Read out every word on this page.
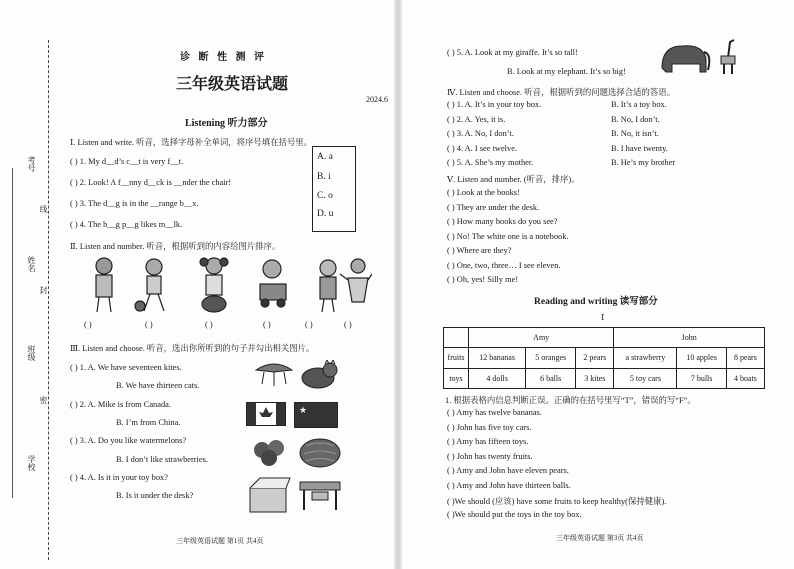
考号
线
姓名
封
班级
密
学校
诊 断 性 测 评
三年级英语试题
2024.6
Listening 听力部分
Ⅰ. Listen and write. 听音，选择字母补全单词，将序号填在括号里。
( ) 1. My d__d’s c__t is very f__t.
( ) 2. Look! A f__nny d__ck is __nder the chair!
( ) 3. The d__g is in the __range b__x.
( ) 4. The b__g p__g likes m__lk.
A. a
B. i
C. o
D. u
Ⅱ. Listen and number. 听音，根据听到的内容给图片排序。
( )	( )	( )	( )	( )	( )
Ⅲ. Listen and choose. 听音，选出你所听到的句子并勾出相关图片。
( ) 1. A. We have seventeen kites.
B. We have thirteen cats.
( ) 2. A. Mike is from Canada.
B. I’m from China.
( ) 3. A. Do you like watermelons?
B. I don’t like strawberries.
( ) 4. A. Is it in your toy box?
B. Is it under the desk?
★
三年级英语试题 第1页 共4页
( ) 5. A. Look at my giraffe. It’s so tall!
B. Look at my elephant. It’s so big!
Ⅳ. Listen and choose. 听音，根据听到的问题选择合适的答语。
( ) 1. A. It’s in your toy box.	B. It’s a toy box.
( ) 2. A. Yes, it is.	B. No, I don’t.
( ) 3. A. No, I don’t.	B. No, it isn’t.
( ) 4. A. I see twelve.	B. I have twenty.
( ) 5. A. She’s my mother.	B. He’s my brother
Ⅴ. Listen and number. (听音，排序)。
( ) Look at the books!
( ) They are under the desk.
( ) How many books do you see?
( ) No! The white one is a notebook.
( ) Where are they?
( ) One, two, three… I see eleven.
( ) Oh, yes! Silly me!
Reading and writing 读写部分
Ⅰ
	Amy			John		
fruits	12 bananas	5 oranges	2 pears	a strawberry	10 apples	8 pears
toys	4 dolls	6 balls	3 kites	5 toy cars	7 bulls	4 boats
1. 根据表格内信息判断正误。正确的在括号里写“T”，错误的写“F”。
( ) Amy has twelve bananas.
( ) John has five toy cars.
( ) Amy has fifteen toys.
( ) John has twenty fruits.
( ) Amy and John have eleven pears.
( ) Amy and John have thirteen balls.
( )We should (应该) have some fruits to keep healthy(保持健康).
( )We should put the toys in the toy box.
三年级英语试题 第3页 共4页
